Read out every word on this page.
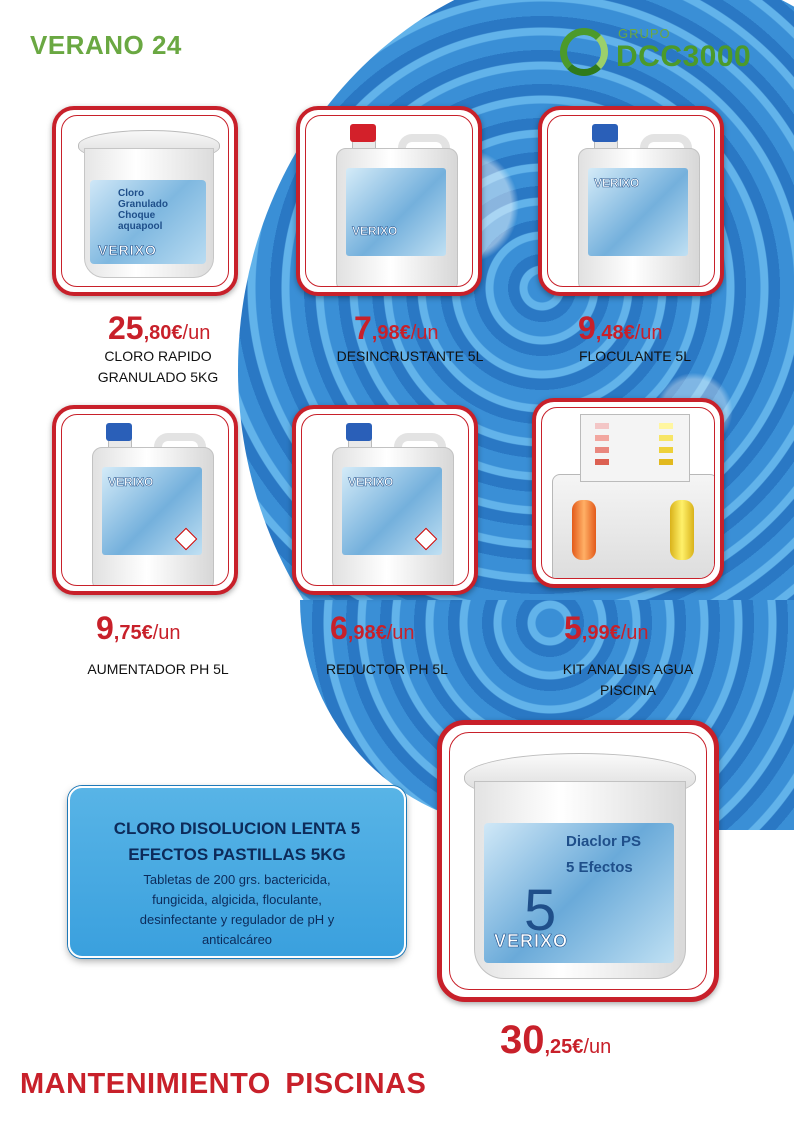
VERANO 24	GRUPO
DCC3000
Cloro
Granulado
Choque
aquapool
VERIXO
VERIXO
VERIXO
25,80€/un
CLORO RAPIDO
GRANULADO 5KG
7,98€/un
DESINCRUSTANTE 5L
9,48€/un
FLOCULANTE 5L
VERIXO	VERIXO
9,75€/un
AUMENTADOR PH 5L
6,98€/un
REDUCTOR PH 5L
5,99€/un
KIT ANALISIS AGUA
PISCINA
CLORO DISOLUCION LENTA 5
EFECTOS PASTILLAS 5KG
Tabletas de 200 grs. bactericida,
fungicida, algicida, floculante,
desinfectante y regulador de pH y
anticalcáreo
Diaclor PS
5 Efectos
5
VERIXO
30,25€/un
MANTENIMIENTO PISCINAS
